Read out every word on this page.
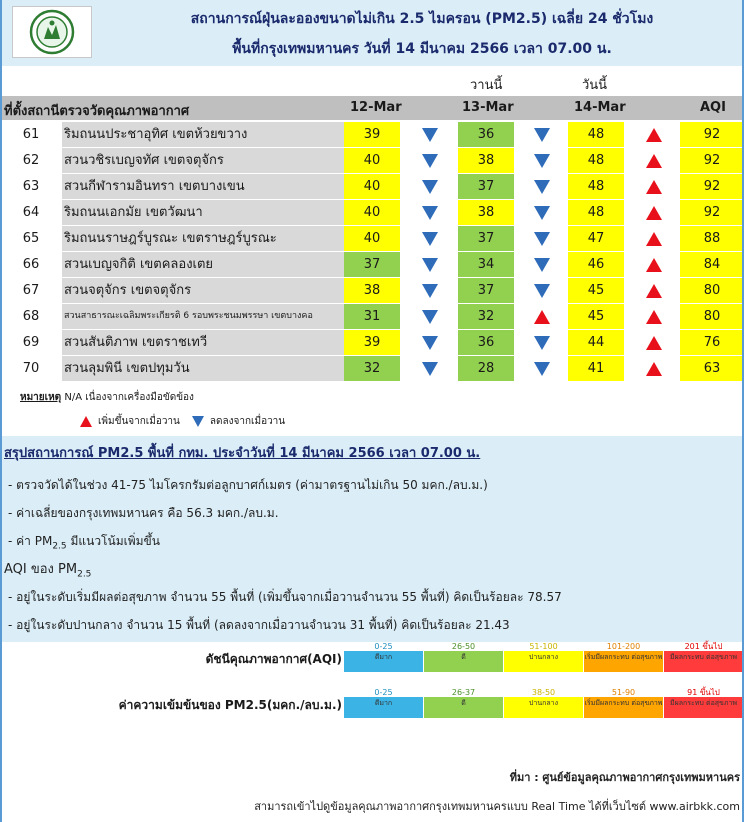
สถานการณ์ฝุ่นละอองขนาดไม่เกิน 2.5 ไมครอน (PM2.5) เฉลี่ย 24 ชั่วโมง
พื้นที่กรุงเทพมหานคร วันที่ 14 มีนาคม 2566 เวลา 07.00 น.
วานนี้	วันนี้
ที่ตั้งสถานีตรวจวัดคุณภาพอากาศ	12-Mar	13-Mar	14-Mar	AQI
61	ริมถนนประชาอุทิศ เขตห้วยขวาง	39	36	48	92
62	สวนวชิรเบญจทัศ เขตจตุจักร	40	38	48	92
63	สวนกีฬารามอินทรา เขตบางเขน	40	37	48	92
64	ริมถนนเอกมัย เขตวัฒนา	40	38	48	92
65	ริมถนนราษฎร์บูรณะ เขตราษฎร์บูรณะ	40	37	47	88
66	สวนเบญจกิติ เขตคลองเตย	37	34	46	84
67	สวนจตุจักร เขตจตุจักร	38	37	45	80
68	สวนสาธารณะเฉลิมพระเกียรติ 6 รอบพระชนมพรรษา เขตบางคอ	31	32	45	80
69	สวนสันติภาพ เขตราชเทวี	39	36	44	76
70	สวนลุมพินี เขตปทุมวัน	32	28	41	63
หมายเหตุ N/A เนื่องจากเครื่องมือขัดข้อง
เพิ่มขึ้นจากเมื่อวาน	ลดลงจากเมื่อวาน
สรุปสถานการณ์ PM2.5 พื้นที่ กทม. ประจำวันที่ 14 มีนาคม 2566 เวลา 07.00 น.
- ตรวจวัดได้ในช่วง 41-75 ไมโครกรัมต่อลูกบาศก์เมตร (ค่ามาตรฐานไม่เกิน 50 มคก./ลบ.ม.)
- ค่าเฉลี่ยของกรุงเทพมหานคร คือ 56.3 มคก./ลบ.ม.
- ค่า $PM_{2.5}$ มีแนวโน้มเพิ่มขึ้น
AQI ของ $PM_{2.5}$
- อยู่ในระดับเริ่มมีผลต่อสุขภาพ จำนวน 55 พื้นที่ (เพิ่มขึ้นจากเมื่อวานจำนวน 55 พื้นที่) คิดเป็นร้อยละ 78.57
- อยู่ในระดับปานกลาง จำนวน 15 พื้นที่ (ลดลงจากเมื่อวานจำนวน 31 พื้นที่) คิดเป็นร้อยละ 21.43
ดัชนีคุณภาพอากาศ(AQI)
0-25
ดีมาก
26-50
ดี
51-100
ปานกลาง
101-200
เริ่มมีผลกระทบ ต่อสุขภาพ
201 ขึ้นไป
มีผลกระทบ ต่อสุขภาพ
ค่าความเข้มข้นของ PM2.5(มคก./ลบ.ม.)
0-25
ดีมาก
26-37
ดี
38-50
ปานกลาง
51-90
เริ่มมีผลกระทบ ต่อสุขภาพ
91 ขึ้นไป
มีผลกระทบ ต่อสุขภาพ
ที่มา : ศูนย์ข้อมูลคุณภาพอากาศกรุงเทพมหานคร
สามารถเข้าไปดูข้อมูลคุณภาพอากาศกรุงเทพมหานครแบบ Real Time ได้ที่เว็บไซต์ www.airbkk.com
